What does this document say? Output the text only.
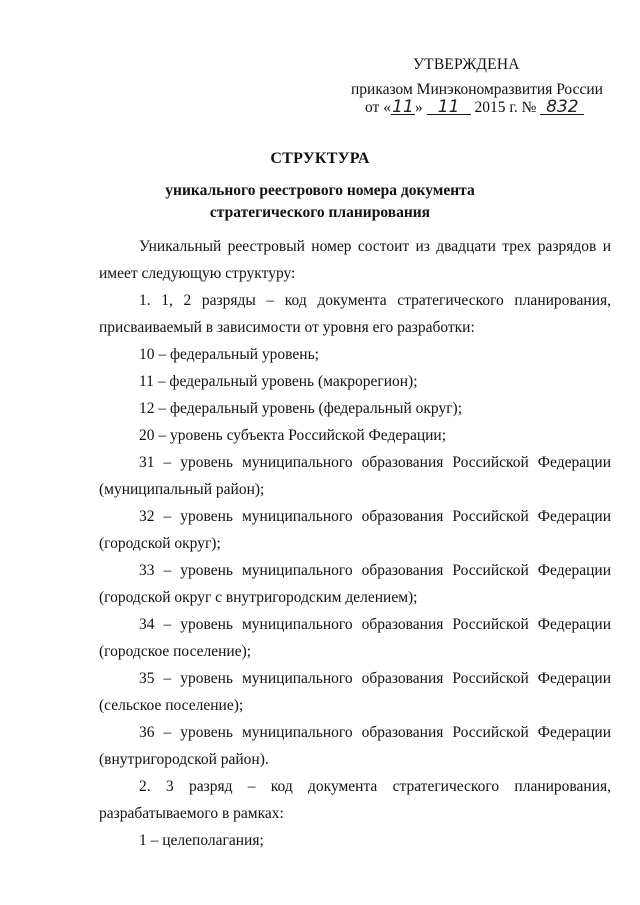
УТВЕРЖДЕНА
приказом Минэкономразвития России
от «11» 11 2015 г. № 832
СТРУКТУРА
уникального реестрового номера документа стратегического планирования
Уникальный реестровый номер состоит из двадцати трех разрядов и имеет следующую структуру:
1. 1, 2 разряды – код документа стратегического планирования, присваиваемый в зависимости от уровня его разработки:
10 – федеральный уровень;
11 – федеральный уровень (макрорегион);
12 – федеральный уровень (федеральный округ);
20 – уровень субъекта Российской Федерации;
31 – уровень муниципального образования Российской Федерации (муниципальный район);
32 – уровень муниципального образования Российской Федерации (городской округ);
33 – уровень муниципального образования Российской Федерации (городской округ с внутригородским делением);
34 – уровень муниципального образования Российской Федерации (городское поселение);
35 – уровень муниципального образования Российской Федерации (сельское поселение);
36 – уровень муниципального образования Российской Федерации (внутригородской район).
2. 3 разряд – код документа стратегического планирования, разрабатываемого в рамках:
1 – целеполагания;
